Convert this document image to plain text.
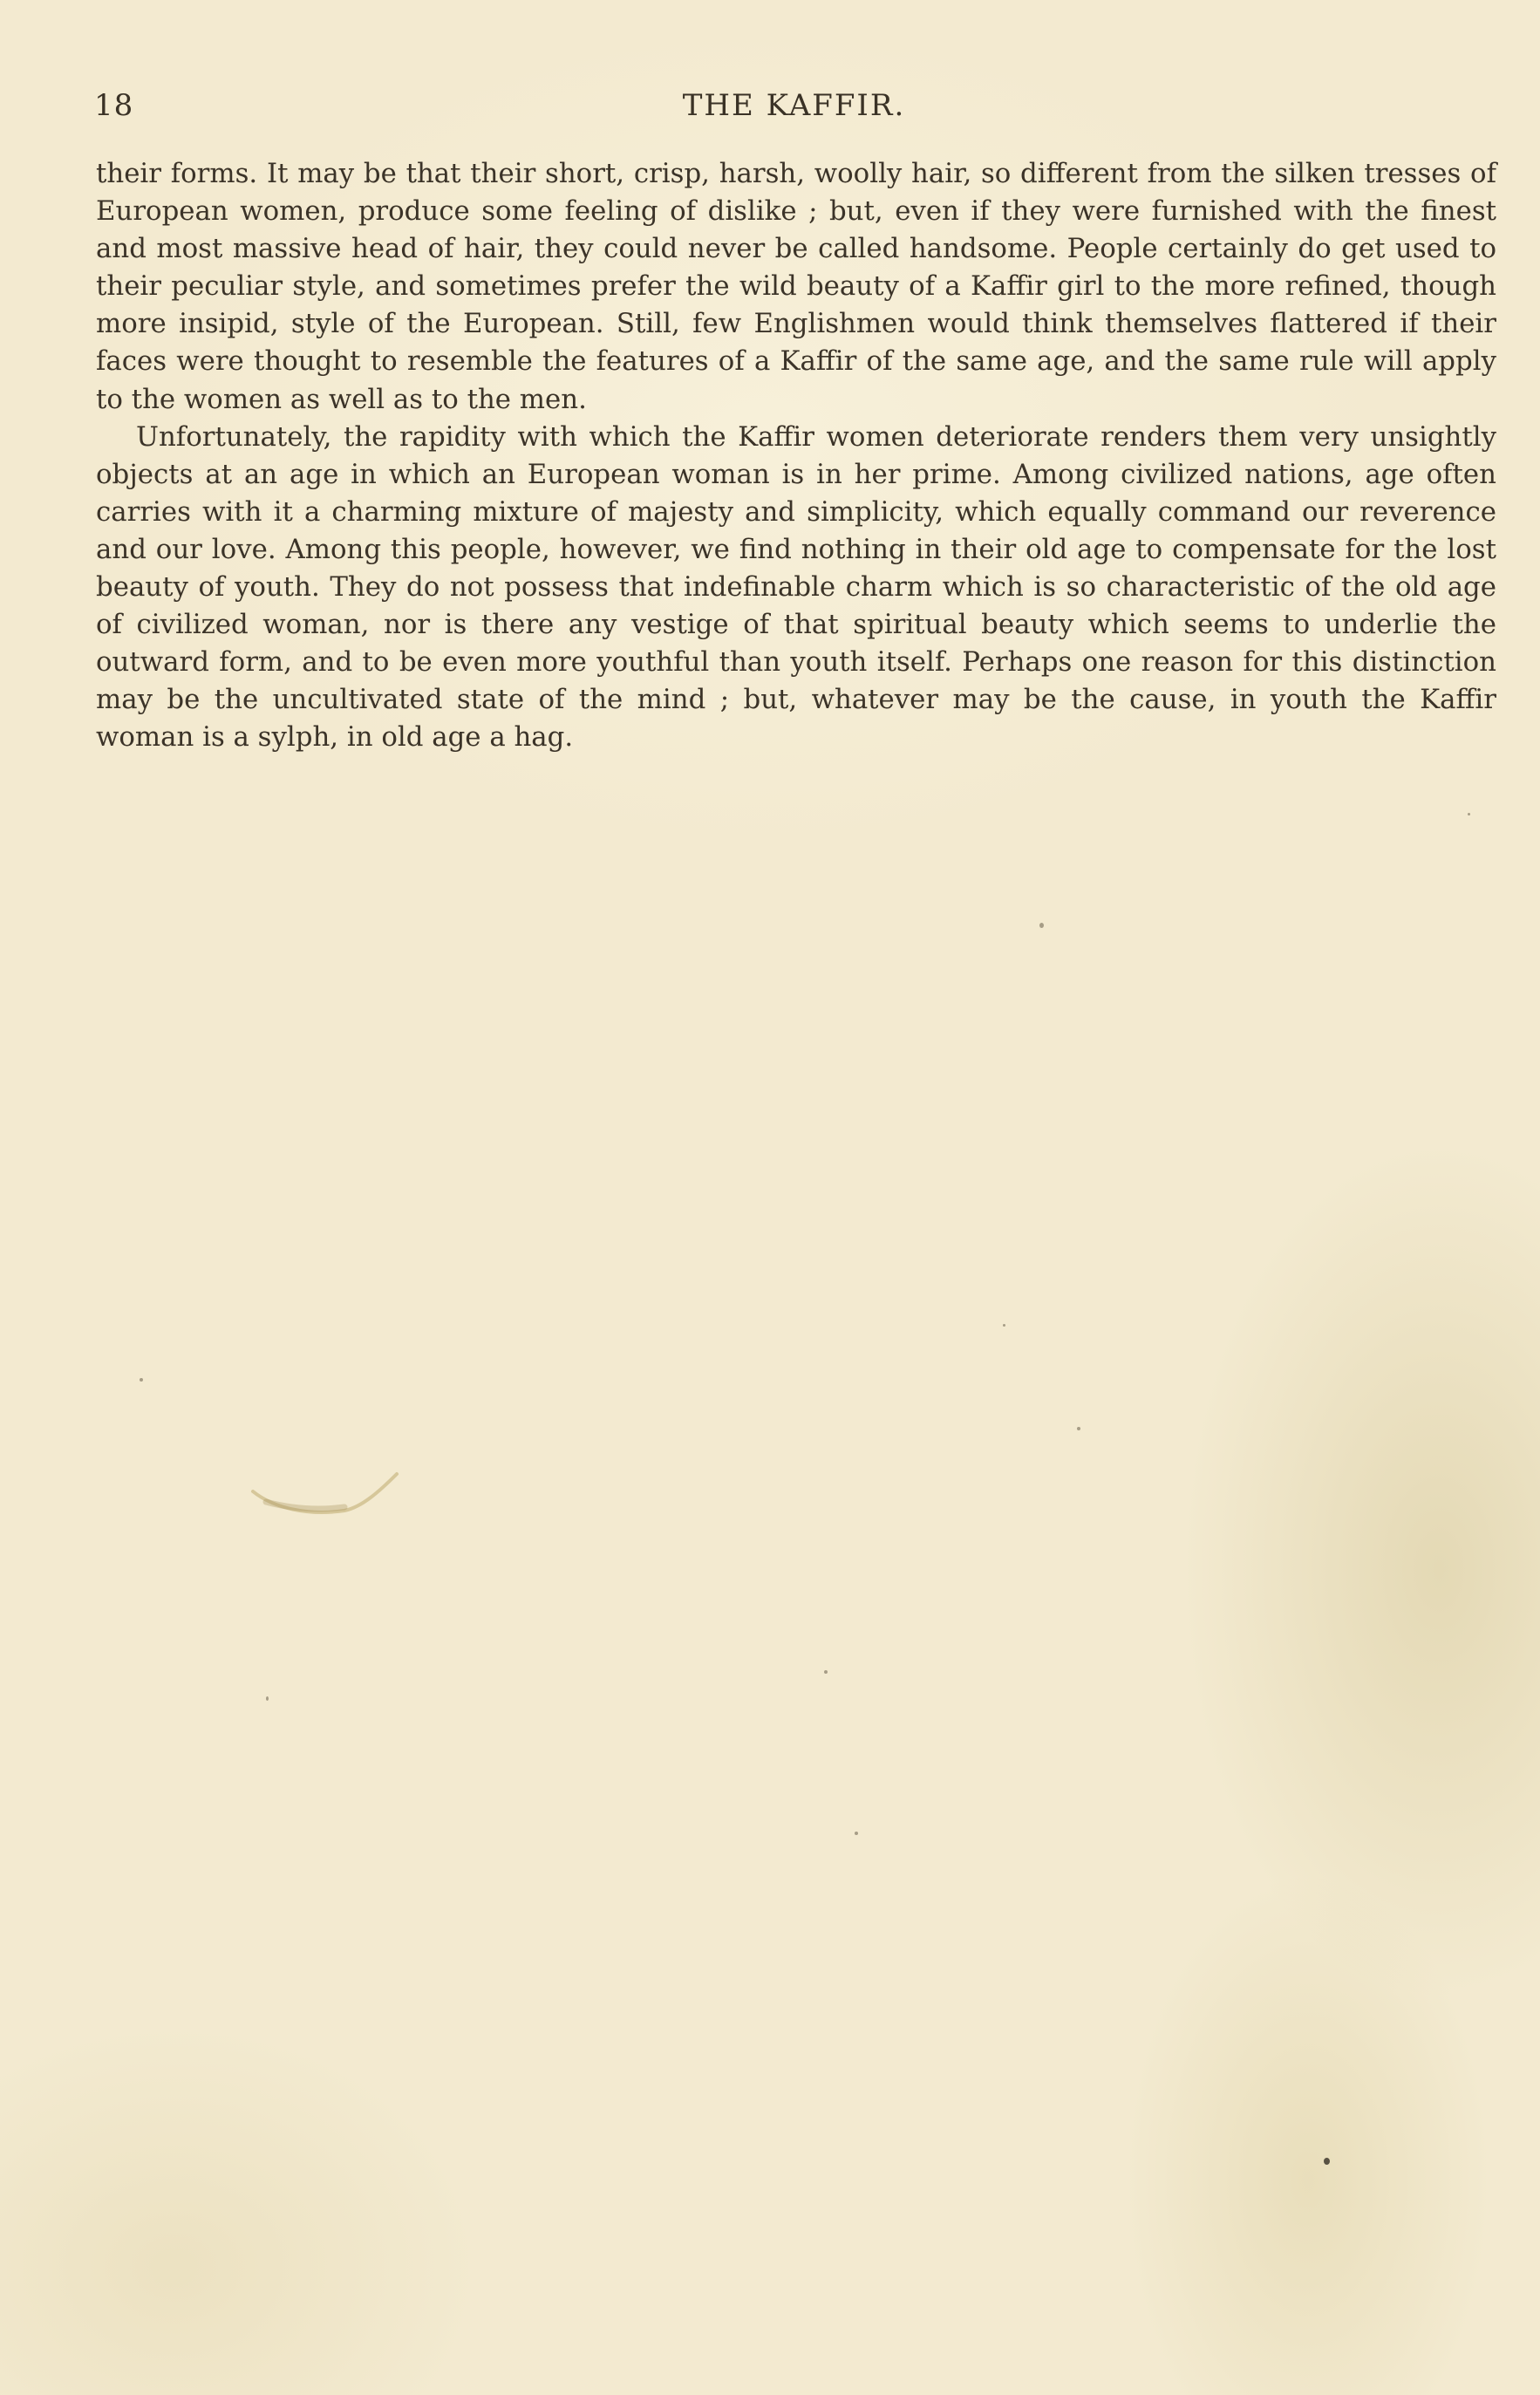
18	THE KAFFIR.

their forms. It may be that their short, crisp, harsh, woolly hair, so different from the silken tresses of European women, produce some feeling of dislike ; but, even if they were furnished with the finest and most massive head of hair, they could never be called handsome. People certainly do get used to their peculiar style, and sometimes prefer the wild beauty of a Kaffir girl to the more refined, though more insipid, style of the European. Still, few Englishmen would think themselves flattered if their faces were thought to resemble the features of a Kaffir of the same age, and the same rule will apply to the women as well as to the men.

Unfortunately, the rapidity with which the Kaffir women deteriorate renders them very unsightly objects at an age in which an European woman is in her prime. Among civilized nations, age often carries with it a charming mixture of majesty and simplicity, which equally command our reverence and our love. Among this people, however, we find nothing in their old age to compensate for the lost beauty of youth. They do not possess that indefinable charm which is so characteristic of the old age of civilized woman, nor is there any vestige of that spiritual beauty which seems to underlie the outward form, and to be even more youthful than youth itself. Perhaps one reason for this distinction may be the uncultivated state of the mind ; but, whatever may be the cause, in youth the Kaffir woman is a sylph, in old age a hag.
